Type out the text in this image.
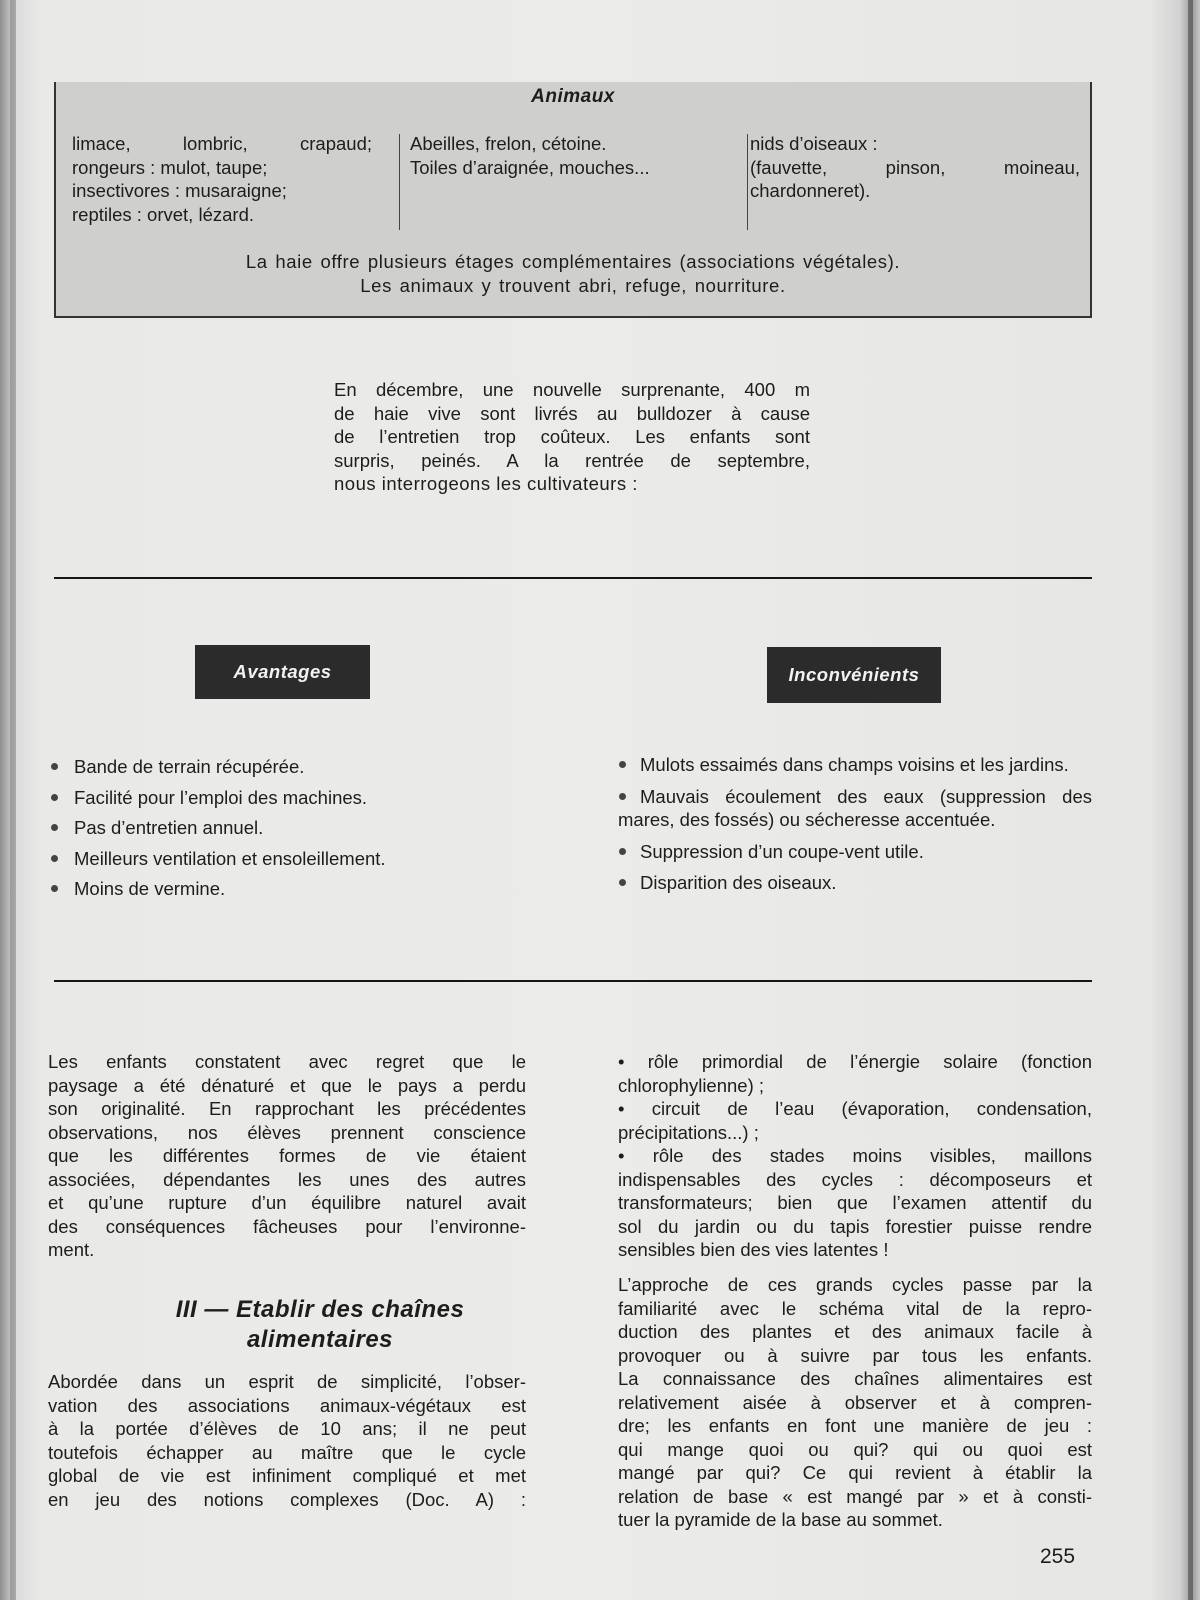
Animaux
limace, lombric, crapaud;
rongeurs : mulot, taupe;
insectivores : musaraigne;
reptiles : orvet, lézard.
Abeilles, frelon, cétoine.
Toiles d’araignée, mouches...
nids d’oiseaux :
(fauvette, pinson, moineau,
chardonneret).
La haie offre plusieurs étages complémentaires (associations végétales).
Les animaux y trouvent abri, refuge, nourriture.
En décembre, une nouvelle surprenante, 400 m
de haie vive sont livrés au bulldozer à cause
de l’entretien trop coûteux. Les enfants sont
surpris, peinés. A la rentrée de septembre,
nous interrogeons les cultivateurs :
Avantages	Inconvénients
Bande de terrain récupérée.
Facilité pour l’emploi des machines.
Pas d’entretien annuel.
Meilleurs ventilation et ensoleillement.
Moins de vermine.
Mulots essaimés dans champs voisins et les jardins.
Mauvais écoulement des eaux (suppression des mares, des fossés) ou sécheresse accentuée.
Suppression d’un coupe-vent utile.
Disparition des oiseaux.
Les enfants constatent avec regret que le
paysage a été dénaturé et que le pays a perdu
son originalité. En rapprochant les précédentes
observations, nos élèves prennent conscience
que les différentes formes de vie étaient
associées, dépendantes les unes des autres
et qu’une rupture d’un équilibre naturel avait
des conséquences fâcheuses pour l’environne-
ment.
III — Etablir des chaînes
alimentaires
Abordée dans un esprit de simplicité, l’obser-
vation des associations animaux-végétaux est
à la portée d’élèves de 10 ans; il ne peut
toutefois échapper au maître que le cycle
global de vie est infiniment compliqué et met
en jeu des notions complexes (Doc. A) :
• rôle primordial de l’énergie solaire (fonction
chlorophylienne) ;
• circuit de l’eau (évaporation, condensation,
précipitations...) ;
• rôle des stades moins visibles, maillons
indispensables des cycles : décomposeurs et
transformateurs; bien que l’examen attentif du
sol du jardin ou du tapis forestier puisse rendre
sensibles bien des vies latentes !
L’approche de ces grands cycles passe par la
familiarité avec le schéma vital de la repro-
duction des plantes et des animaux facile à
provoquer ou à suivre par tous les enfants.
La connaissance des chaînes alimentaires est
relativement aisée à observer et à compren-
dre; les enfants en font une manière de jeu :
qui mange quoi ou qui? qui ou quoi est
mangé par qui? Ce qui revient à établir la
relation de base « est mangé par » et à consti-
tuer la pyramide de la base au sommet.
255
